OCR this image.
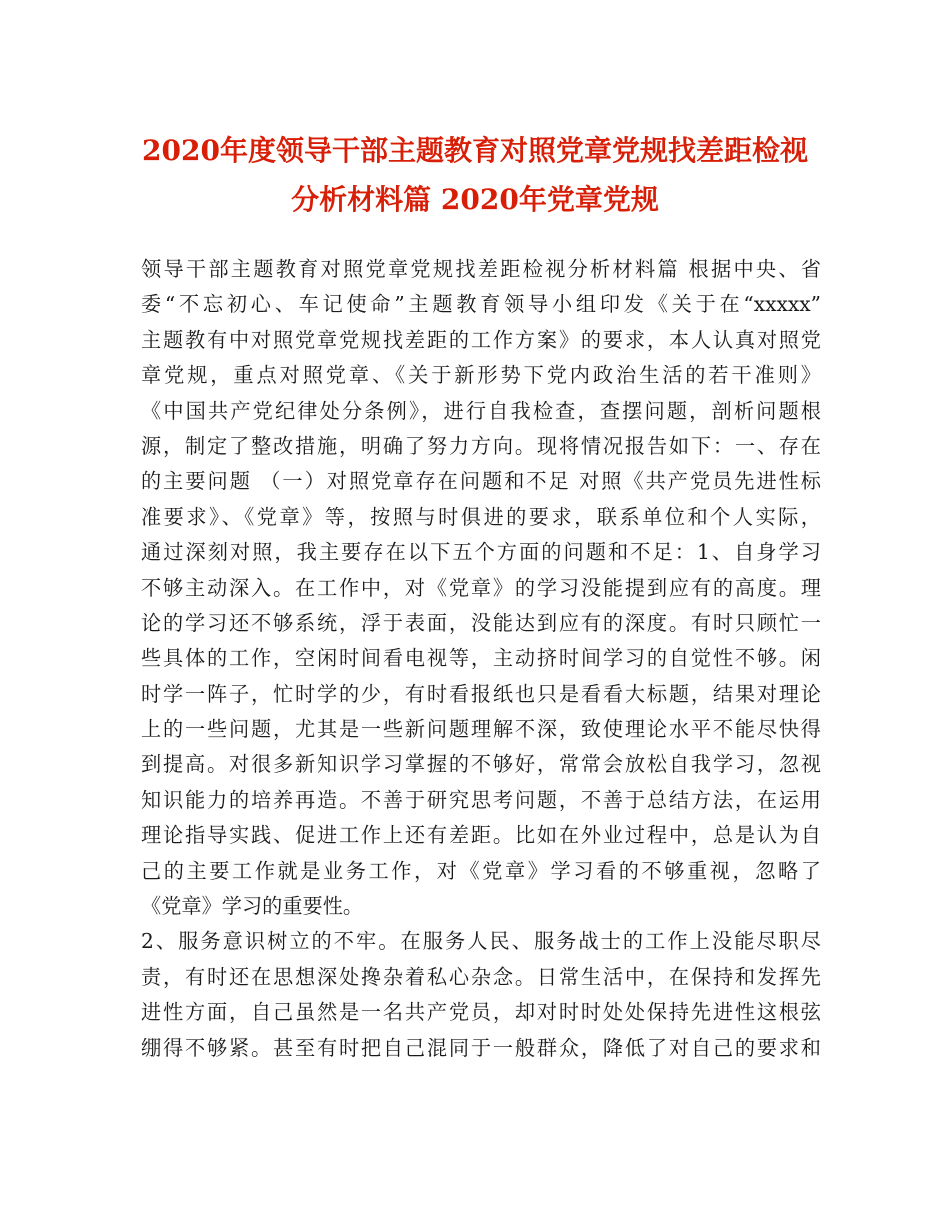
2020年度领导干部主题教育对照党章党规找差距检视
分析材料篇 2020年党章党规
领导干部主题教育对照党章党规找差距检视分析材料篇 根据中央、省
委“不忘初心、车记使命”主题教育领导小组印发《关于在“xxxxx”
主题教有中对照党章党规找差距的工作方案》的要求，本人认真对照党
章党规，重点对照党章、《关于新形势下党内政治生活的若干准则》
《中国共产党纪律处分条例》，进行自我检查，查摆问题，剖析问题根
源，制定了整改措施，明确了努力方向。现将情况报告如下：一、存在
的主要问题 （一）对照党章存在问题和不足 对照《共产党员先进性标
准要求》、《党章》等，按照与时俱进的要求，联系单位和个人实际，
通过深刻对照，我主要存在以下五个方面的问题和不足：1、自身学习
不够主动深入。在工作中，对《党章》的学习没能提到应有的高度。理
论的学习还不够系统，浮于表面，没能达到应有的深度。有时只顾忙一
些具体的工作，空闲时间看电视等，主动挤时间学习的自觉性不够。闲
时学一阵子，忙时学的少，有时看报纸也只是看看大标题，结果对理论
上的一些问题，尤其是一些新问题理解不深，致使理论水平不能尽快得
到提高。对很多新知识学习掌握的不够好，常常会放松自我学习，忽视
知识能力的培养再造。不善于研究思考问题，不善于总结方法，在运用
理论指导实践、促进工作上还有差距。比如在外业过程中，总是认为自
己的主要工作就是业务工作，对《党章》学习看的不够重视，忽略了
《党章》学习的重要性。
2、服务意识树立的不牢。在服务人民、服务战士的工作上没能尽职尽
责，有时还在思想深处搀杂着私心杂念。日常生活中，在保持和发挥先
进性方面，自己虽然是一名共产党员，却对时时处处保持先进性这根弦
绷得不够紧。甚至有时把自己混同于一般群众，降低了对自己的要求和
